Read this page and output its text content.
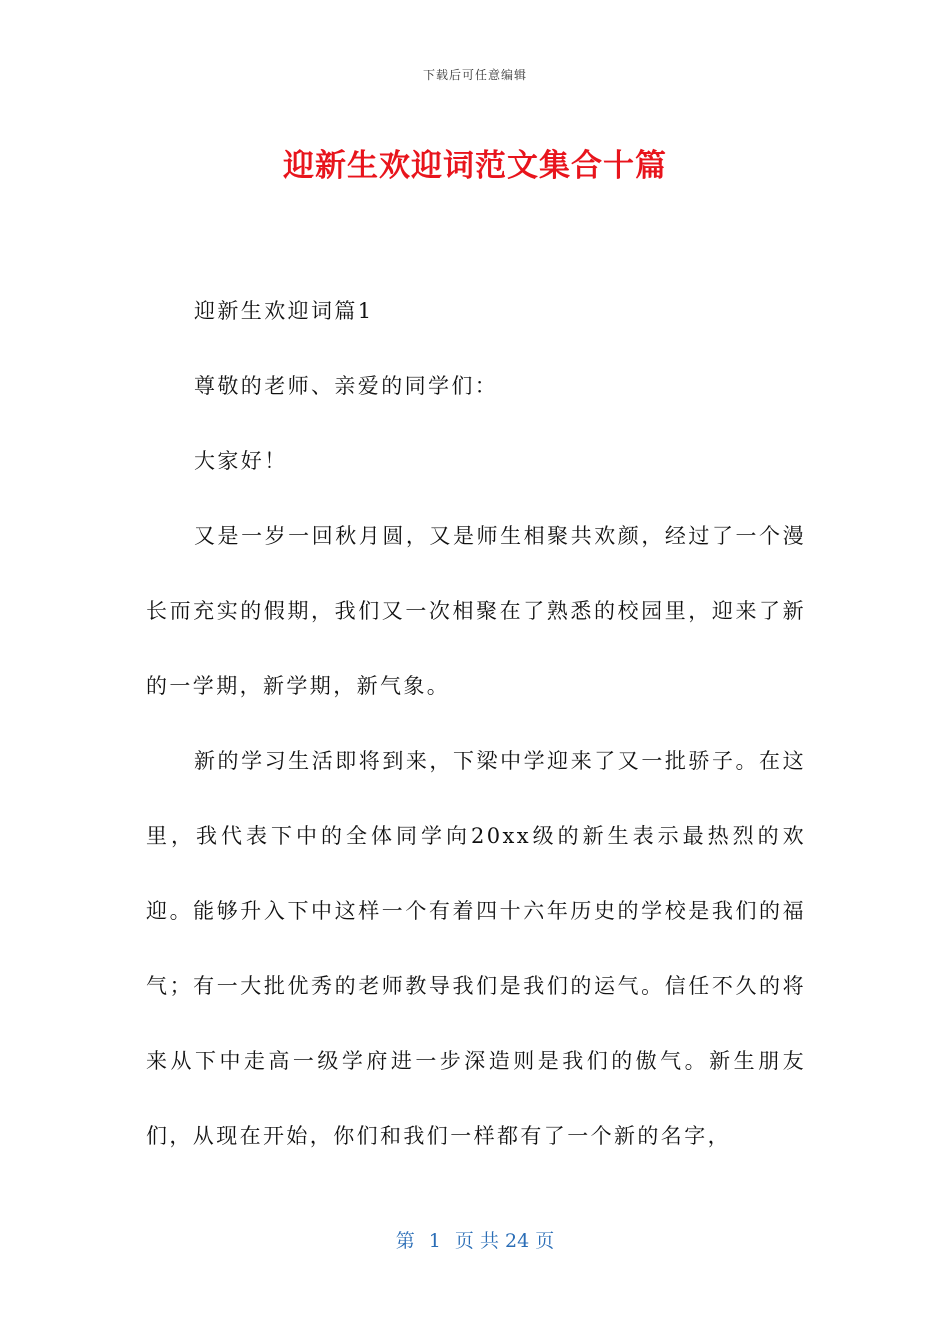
下载后可任意编辑
迎新生欢迎词范文集合十篇

迎新生欢迎词篇1

尊敬的老师、亲爱的同学们：

大家好！

又是一岁一回秋月圆，又是师生相聚共欢颜，经过了一个漫长而充实的假期，我们又一次相聚在了熟悉的校园里，迎来了新的一学期，新学期，新气象。

新的学习生活即将到来，下梁中学迎来了又一批骄子。在这里，我代表下中的全体同学向20xx级的新生表示最热烈的欢迎。能够升入下中这样一个有着四十六年历史的学校是我们的福气；有一大批优秀的老师教导我们是我们的运气。信任不久的将来从下中走高一级学府进一步深造则是我们的傲气。新生朋友们，从现在开始，你们和我们一样都有了一个新的名字，

第 1 页 共 24 页
